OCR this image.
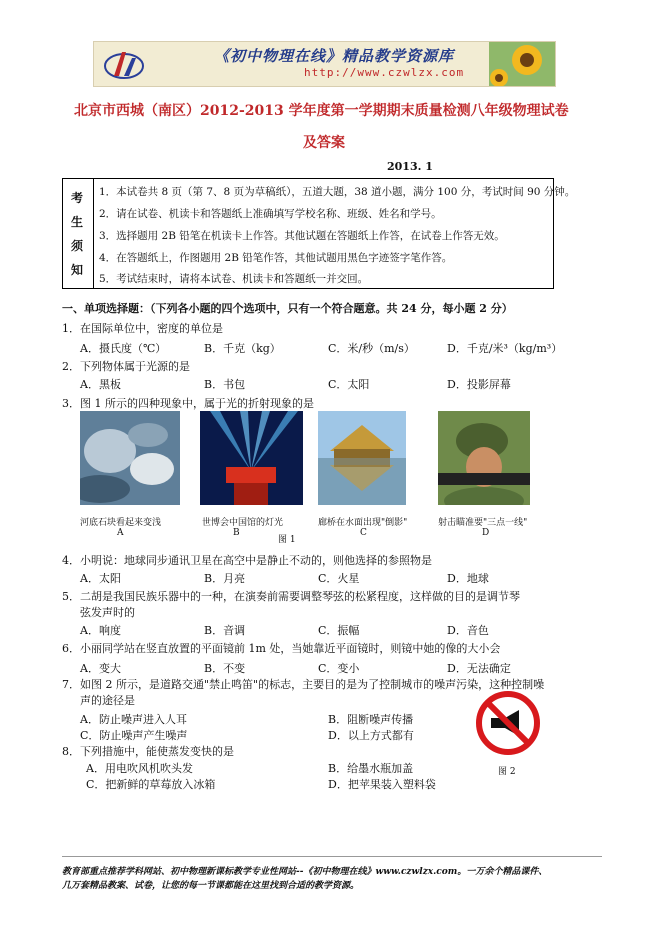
《初中物理在线》精品教学资源库
http://www.czwlzx.com
北京市西城（南区）2012-2013 学年度第一学期期末质量检测八年级物理试卷
及答案
2013. 1
考
生
须
知
1．本试卷共 8 页（第 7、8 页为草稿纸），五道大题，38 道小题，满分 100 分，考试时间 90 分钟。
2．请在试卷、机读卡和答题纸上准确填写学校名称、班级、姓名和学号。
3．选择题用 2B 铅笔在机读卡上作答。其他试题在答题纸上作答，在试卷上作答无效。
4．在答题纸上，作图题用 2B 铅笔作答，其他试题用黑色字迹签字笔作答。
5．考试结束时，请将本试卷、机读卡和答题纸一并交回。
一、单项选择题：（下列各小题的四个选项中，只有一个符合题意。共 24 分，每小题 2 分）
1．在国际单位中，密度的单位是
A．摄氏度（℃）	B．千克（kg）	C．米/秒（m/s）	D．千克/米³（kg/m³）
2．下列物体属于光源的是
A．黑板	B．书包	C．太阳	D．投影屏幕
3．图 1 所示的四种现象中，属于光的折射现象的是
河底石块看起来变浅	世博会中国馆的灯光	廊桥在水面出现"倒影"	射击瞄准要"三点一线"
A	B
图 1
C	D
4．小明说：地球同步通讯卫星在高空中是静止不动的，则他选择的参照物是
A．太阳	B．月亮	C．火星	D．地球
5．二胡是我国民族乐器中的一种，在演奏前需要调整琴弦的松紧程度，这样做的目的是调节琴
弦发声时的
A．响度	B．音调	C．振幅	D．音色
6．小丽同学站在竖直放置的平面镜前 1m 处，当她靠近平面镜时，则镜中她的像的大小会
A．变大	B．不变	C．变小	D．无法确定
7．如图 2 所示，是道路交通"禁止鸣笛"的标志，主要目的是为了控制城市的噪声污染，这种控制噪
声的途径是
A．防止噪声进入人耳	B．阻断噪声传播
C．防止噪声产生噪声	D．以上方式都有
图 2
8．下列措施中，能使蒸发变快的是
A．用电吹风机吹头发	B．给墨水瓶加盖
C．把新鲜的草莓放入冰箱	D．把苹果装入塑料袋
教育部重点推荐学科网站、初中物理新课标教学专业性网站--《初中物理在线》www.czwlzx.com。一万余个精品课件、
几万套精品教案、试卷，让您的每一节课都能在这里找到合适的教学资源。
